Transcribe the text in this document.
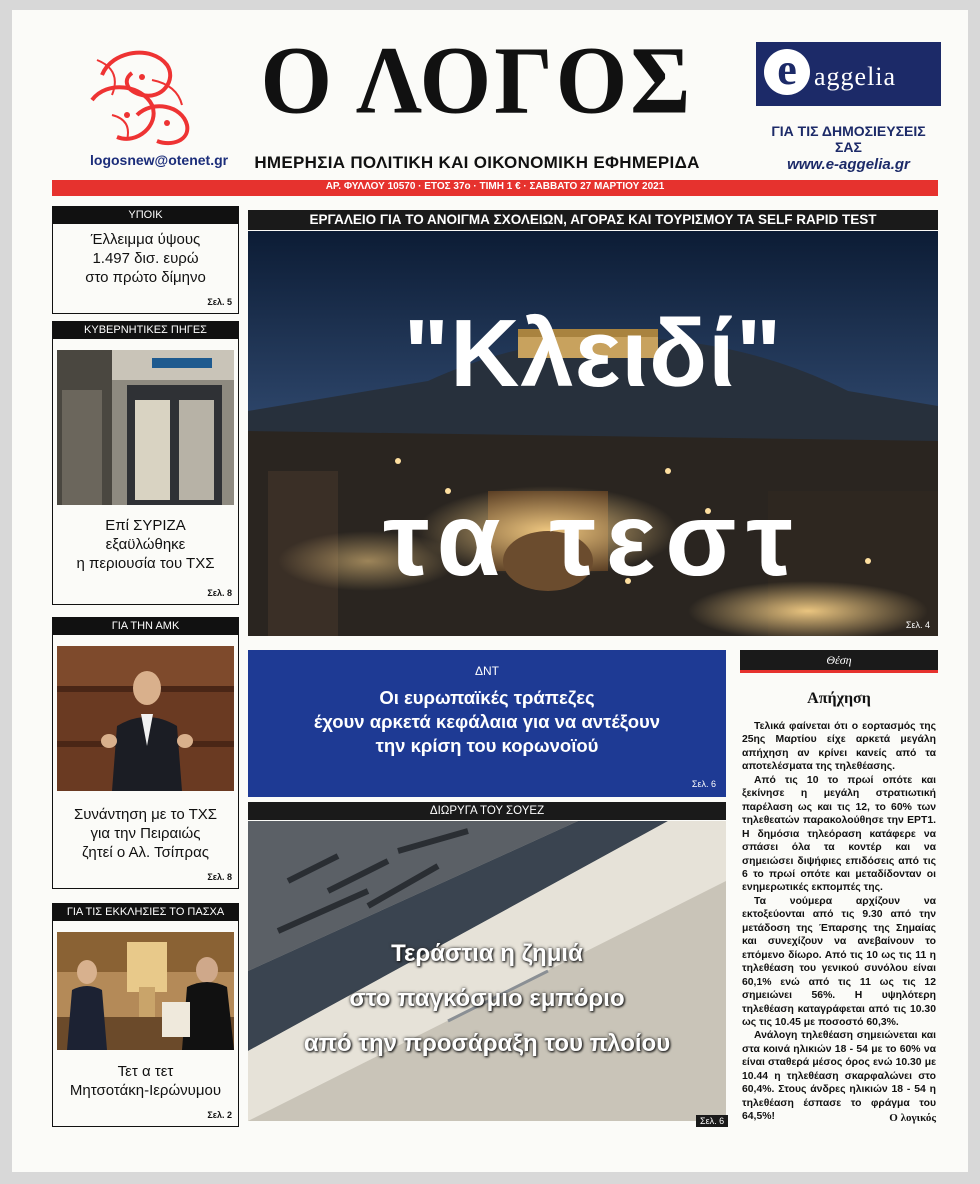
logosnew@otenet.gr
Ο ΛΟΓΟΣ
ΗΜΕΡΗΣΙΑ ΠΟΛΙΤΙΚΗ ΚΑΙ ΟΙΚΟΝΟΜΙΚΗ ΕΦΗΜΕΡΙΔΑ
e aggelia
ΓΙΑ ΤΙΣ ΔΗΜΟΣΙΕΥΣΕΙΣ ΣΑΣ
www.e-aggelia.gr
ΑΡ. ΦΥΛΛΟΥ 10570 · ΕΤΟΣ 37ο · ΤΙΜΗ 1 € · ΣΑΒΒΑΤΟ 27 ΜΑΡΤΙΟΥ 2021
ΥΠΟΙΚ
Έλλειμμα ύψους
1.497 δισ. ευρώ
στο πρώτο δίμηνο
Σελ. 5
ΚΥΒΕΡΝΗΤΙΚΕΣ ΠΗΓΕΣ
Επί ΣΥΡΙΖΑ
εξαϋλώθηκε
η περιουσία του ΤΧΣ
Σελ. 8
ΓΙΑ ΤΗΝ ΑΜΚ
Συνάντηση με το ΤΧΣ
για την Πειραιώς
ζητεί ο Αλ. Τσίπρας
Σελ. 8
ΓΙΑ ΤΙΣ ΕΚΚΛΗΣΙΕΣ ΤΟ ΠΑΣΧΑ
Τετ α τετ
Μητσοτάκη-Ιερώνυμου
Σελ. 2
ΕΡΓΑΛΕΙΟ ΓΙΑ ΤΟ ΑΝΟΙΓΜΑ ΣΧΟΛΕΙΩΝ, ΑΓΟΡΑΣ ΚΑΙ ΤΟΥΡΙΣΜΟΥ ΤΑ SELF RAPID TEST
"Κλειδί"
τα τεστ
Σελ. 4
ΔΝΤ
Οι ευρωπαϊκές τράπεζες
έχουν αρκετά κεφάλαια για να αντέξουν
την κρίση του κορωνοϊού
Σελ. 6
ΔΙΩΡΥΓΑ ΤΟΥ ΣΟΥΕΖ
Τεράστια η ζημιά
στο παγκόσμιο εμπόριο
από την προσάραξη του πλοίου
Σελ. 6
Θέση
Απήχηση

Τελικά φαίνεται ότι ο εορτασμός της 25ης Μαρτίου είχε αρκετά μεγάλη απήχηση αν κρίνει κανείς από τα αποτελέσματα της τηλεθέασης.

Από τις 10 το πρωί οπότε και ξεκίνησε η μεγάλη στρατιωτική παρέλαση ως και τις 12, το 60% των τηλεθεατών παρακολούθησε την ΕΡΤ1. Η δημόσια τηλεόραση κατάφερε να σπάσει όλα τα κοντέρ και να σημειώσει διψήφιες επιδόσεις από τις 6 το πρωί οπότε και μεταδίδονταν οι ενημερωτικές εκπομπές της.

Τα νούμερα αρχίζουν να εκτοξεύονται από τις 9.30 από την μετάδοση της Έπαρσης της Σημαίας και συνεχίζουν να ανεβαίνουν το επόμενο δίωρο. Από τις 10 ως τις 11 η τηλεθέαση του γενικού συνόλου είναι 60,1% ενώ από τις 11 ως τις 12 σημειώνει 56%. Η υψηλότερη τηλεθέαση καταγράφεται από τις 10.30 ως τις 10.45 με ποσοστό 60,3%.

Ανάλογη τηλεθέαση σημειώνεται και στα κοινά ηλικιών 18 - 54 με το 60% να είναι σταθερά μέσος όρος ενώ 10.30 με 10.44 η τηλεθέαση σκαρφαλώνει στο 60,4%. Στους άνδρες ηλικιών 18 - 54 η τηλεθέαση έσπασε το φράγμα του 64,5%!	Ο λογικός
